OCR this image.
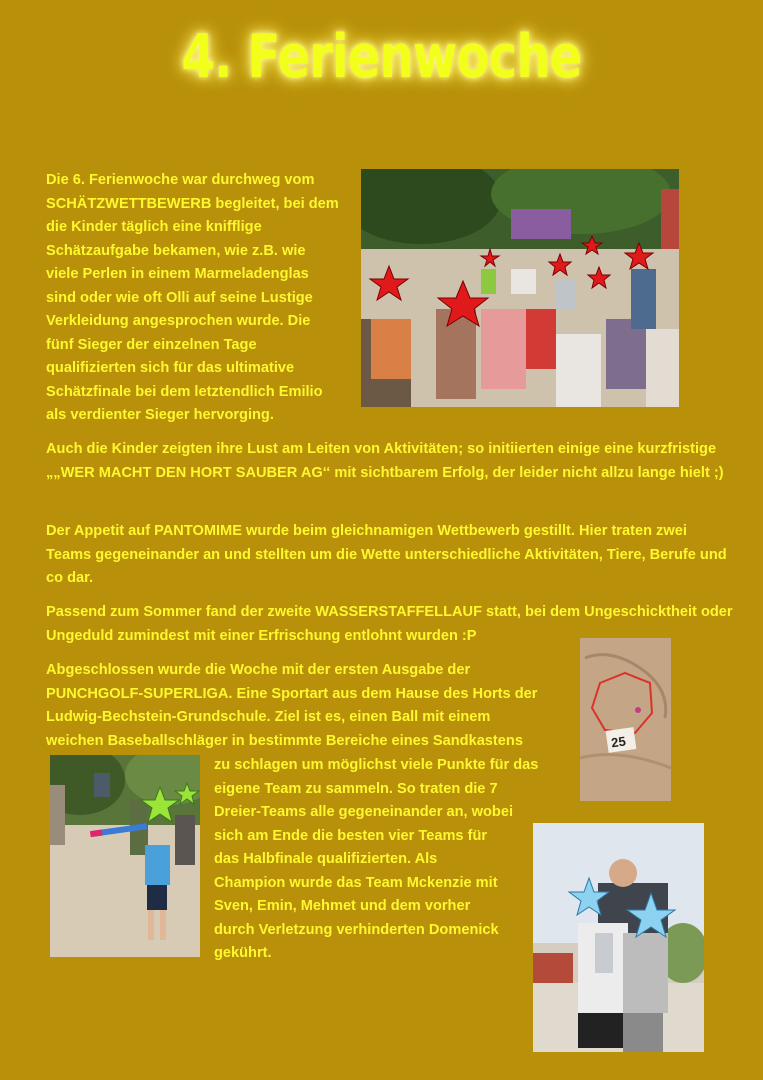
4. Ferienwoche
Die 6. Ferienwoche war durchweg vom
SCHÄTZWETTBEWERB begleitet, bei dem
die Kinder täglich eine knifflige
Schätzaufgabe bekamen, wie z.B. wie
viele Perlen in einem Marmeladenglas
sind oder wie oft Olli auf seine Lustige
Verkleidung angesprochen wurde. Die
fünf Sieger der einzelnen Tage
qualifizierten sich für das ultimative
Schätzfinale bei dem letztendlich Emilio
als verdienter Sieger hervorging.
Auch die Kinder zeigten ihre Lust am Leiten von Aktivitäten; so initiierten einige eine kurzfristige „„WER MACHT DEN HORT SAUBER AG‘‘ mit sichtbarem Erfolg, der leider nicht allzu lange hielt ;)
Der Appetit auf PANTOMIME wurde beim gleichnamigen Wettbewerb gestillt. Hier traten zwei Teams gegeneinander an und stellten um die Wette unterschiedliche Aktivitäten, Tiere, Berufe und co dar.
Passend zum Sommer fand der zweite WASSERSTAFFELLAUF statt, bei dem Ungeschicktheit oder Ungeduld zumindest mit einer Erfrischung entlohnt wurden :P
Abgeschlossen wurde die Woche mit der ersten Ausgabe der
PUNCHGOLF-SUPERLIGA. Eine Sportart aus dem Hause des Horts der
Ludwig-Bechstein-Grundschule. Ziel ist es, einen Ball mit einem
weichen Baseballschläger in bestimmte Bereiche eines Sandkastens	25
zu schlagen um möglichst viele Punkte für das
eigene Team zu sammeln. So traten die 7
Dreier-Teams alle gegeneinander an, wobei
sich am Ende die besten vier Teams für
das Halbfinale qualifizierten. Als
Champion wurde das Team Mckenzie mit
Sven, Emin, Mehmet und dem vorher
durch Verletzung verhinderten Domenick
gekührt.
